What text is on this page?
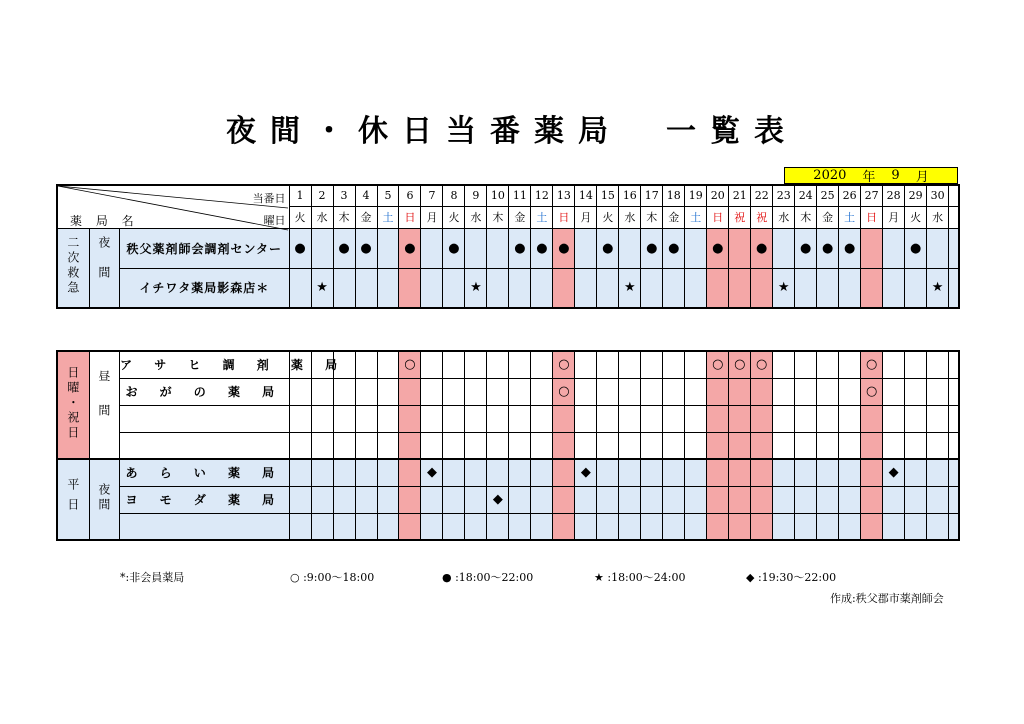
夜間・休日当番薬局　一覧表
2020 年 9 月
当番日
曜日
薬 局 名			1	2	3	4	5	6	7	8	9	10	11	12	13	14	15	16	17	18	19	20	21	22	23	24	25	26	27	28	29	30	
			火	水	木	金	土	日	月	火	水	木	金	土	日	月	火	水	木	金	土	日	祝	祝	水	木	金	土	日	月	火	水	
二次救急	夜間	秩父薬剤師会調剤センター	●		●	●		●		●			●	●	●		●		●	●		●		●		●	●	●			●		
		イチワタ薬局影森店＊		★							★							★							★							★	
日曜・祝日	昼間	ア サ ヒ 調 剤 薬 局						○							○							○	○	○					○				
		お が の 薬 局													○														○				

平日	夜間	あ ら い 薬 局							◆							◆														◆			
		ヨ モ ダ 薬 局										◆																					

*:非会員薬局	○ :9:00～18:00	● :18:00～22:00	★ :18:00～24:00	◆ :19:30～22:00
作成:秩父郡市薬剤師会
